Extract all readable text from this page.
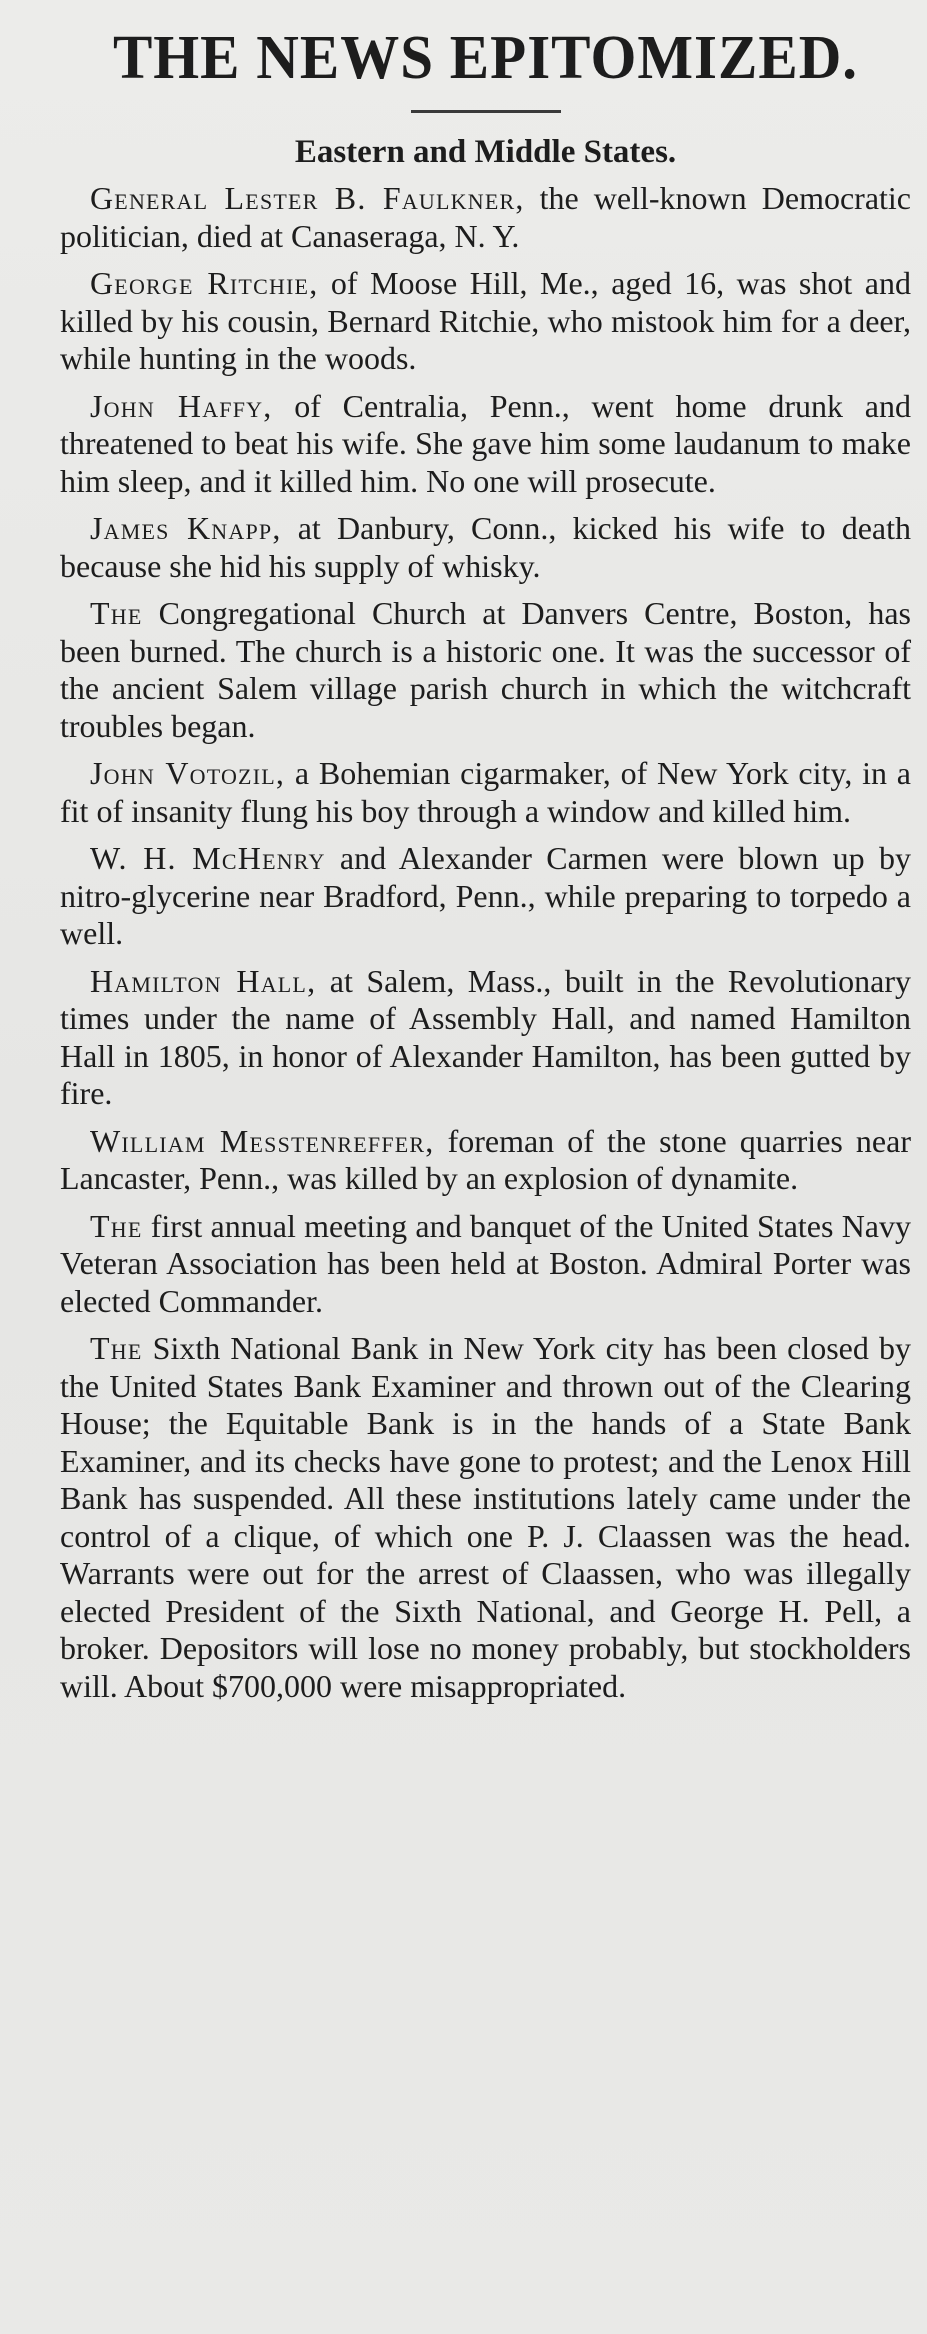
THE NEWS EPITOMIZED.
Eastern and Middle States.

General Lester B. Faulkner, the well-known Democratic politician, died at Canaseraga, N. Y.

George Ritchie, of Moose Hill, Me., aged 16, was shot and killed by his cousin, Bernard Ritchie, who mistook him for a deer, while hunting in the woods.

John Haffy, of Centralia, Penn., went home drunk and threatened to beat his wife. She gave him some laudanum to make him sleep, and it killed him. No one will prosecute.

James Knapp, at Danbury, Conn., kicked his wife to death because she hid his supply of whisky.

The Congregational Church at Danvers Centre, Boston, has been burned. The church is a historic one. It was the successor of the ancient Salem village parish church in which the witchcraft troubles began.

John Votozil, a Bohemian cigarmaker, of New York city, in a fit of insanity flung his boy through a window and killed him.

W. H. McHenry and Alexander Carmen were blown up by nitro-glycerine near Bradford, Penn., while preparing to torpedo a well.

Hamilton Hall, at Salem, Mass., built in the Revolutionary times under the name of Assembly Hall, and named Hamilton Hall in 1805, in honor of Alexander Hamilton, has been gutted by fire.

William Messtenreffer, foreman of the stone quarries near Lancaster, Penn., was killed by an explosion of dynamite.

The first annual meeting and banquet of the United States Navy Veteran Association has been held at Boston. Admiral Porter was elected Commander.

The Sixth National Bank in New York city has been closed by the United States Bank Examiner and thrown out of the Clearing House; the Equitable Bank is in the hands of a State Bank Examiner, and its checks have gone to protest; and the Lenox Hill Bank has suspended. All these institutions lately came under the control of a clique, of which one P. J. Claassen was the head. Warrants were out for the arrest of Claassen, who was illegally elected President of the Sixth National, and George H. Pell, a broker. Depositors will lose no money probably, but stockholders will. About $700,000 were misappropriated.
